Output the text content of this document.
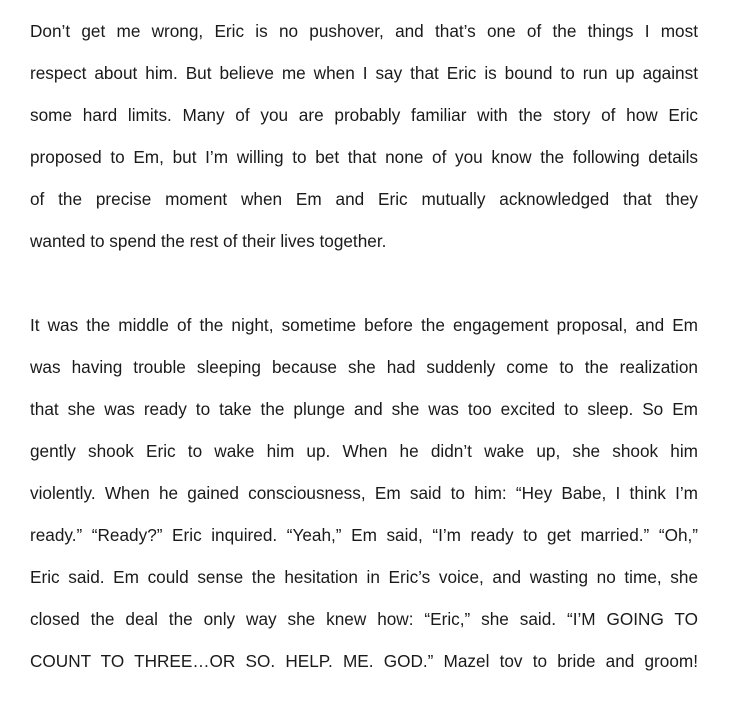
Don’t get me wrong, Eric is no pushover, and that’s one of the things I most
respect about him. But believe me when I say that Eric is bound to run up against
some hard limits. Many of you are probably familiar with the story of how Eric
proposed to Em, but I’m willing to bet that none of you know the following details
of the precise moment when Em and Eric mutually acknowledged that they
wanted to spend the rest of their lives together.
It was the middle of the night, sometime before the engagement proposal, and Em
was having trouble sleeping because she had suddenly come to the realization
that she was ready to take the plunge and she was too excited to sleep. So Em
gently shook Eric to wake him up. When he didn’t wake up, she shook him
violently. When he gained consciousness, Em said to him: “Hey Babe, I think I’m
ready.” “Ready?” Eric inquired. “Yeah,” Em said, “I’m ready to get married.” “Oh,”
Eric said. Em could sense the hesitation in Eric’s voice, and wasting no time, she
closed the deal the only way she knew how: “Eric,” she said. “I’M GOING TO
COUNT TO THREE…OR SO. HELP. ME. GOD.” Mazel tov to bride and groom!
